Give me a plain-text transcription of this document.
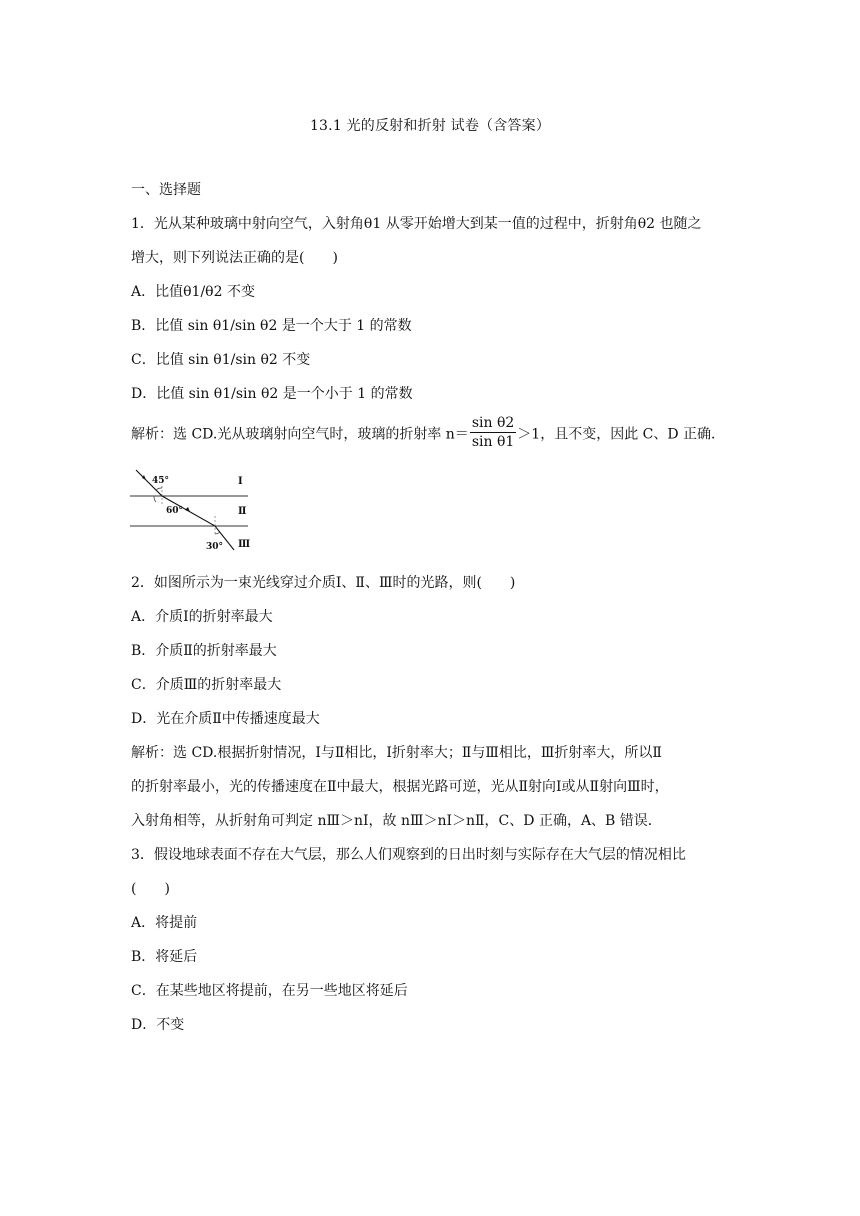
13.1 光的反射和折射 试卷（含答案）
一、选择题
1．光从某种玻璃中射向空气，入射角θ1 从零开始增大到某一值的过程中，折射角θ2 也随之
增大，则下列说法正确的是(　　)
A．比值θ1/θ2 不变
B．比值 sin θ1/sin θ2 是一个大于 1 的常数
C．比值 sin θ1/sin θ2 不变
D．比值 sin θ1/sin θ2 是一个小于 1 的常数
解析：选 CD.光从玻璃射向空气时，玻璃的折射率 $n= \frac{\text{sin θ2}}{\text{sin θ1}} >1$，且不变，因此 C、D 正确．
45°
60°
30°
Ⅰ
Ⅱ
Ⅲ
2．如图所示为一束光线穿过介质Ⅰ、Ⅱ、Ⅲ时的光路，则(　　)
A．介质Ⅰ的折射率最大
B．介质Ⅱ的折射率最大
C．介质Ⅲ的折射率最大
D．光在介质Ⅱ中传播速度最大
解析：选 CD.根据折射情况，Ⅰ与Ⅱ相比，Ⅰ折射率大；Ⅱ与Ⅲ相比，Ⅲ折射率大，所以Ⅱ
的折射率最小，光的传播速度在Ⅱ中最大，根据光路可逆，光从Ⅱ射向Ⅰ或从Ⅱ射向Ⅲ时，
入射角相等，从折射角可判定 nⅢ＞nⅠ，故 nⅢ＞nⅠ＞nⅡ，C、D 正确，A、B 错误．
3．假设地球表面不存在大气层，那么人们观察到的日出时刻与实际存在大气层的情况相比
(　　)
A．将提前
B．将延后
C．在某些地区将提前，在另一些地区将延后
D．不变
